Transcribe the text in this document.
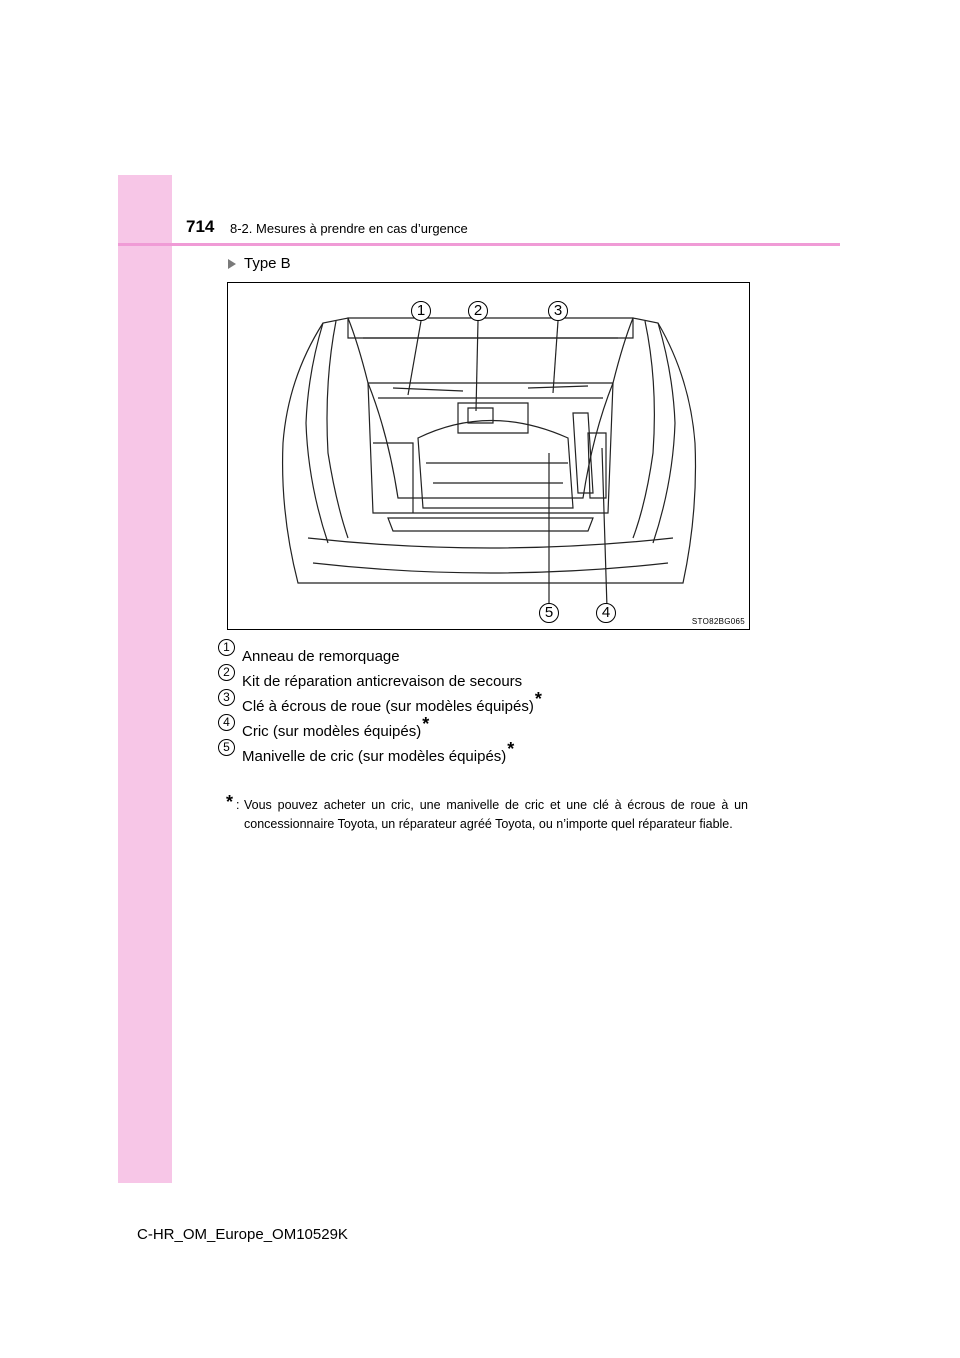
714 8-2. Mesures à prendre en cas d’urgence
Type B
1	2	3
5	4
STO82BG065
1
Anneau de remorquage
2
Kit de réparation anticrevaison de secours
3
Clé à écrous de roue (sur modèles équipés)*
4
Cric (sur modèles équipés)*
5
Manivelle de cric (sur modèles équipés)*
* : Vous pouvez acheter un cric, une manivelle de cric et une clé à écrous de roue à un concessionnaire Toyota, un réparateur agréé Toyota, ou n’importe quel réparateur fiable.
C-HR_OM_Europe_OM10529K
